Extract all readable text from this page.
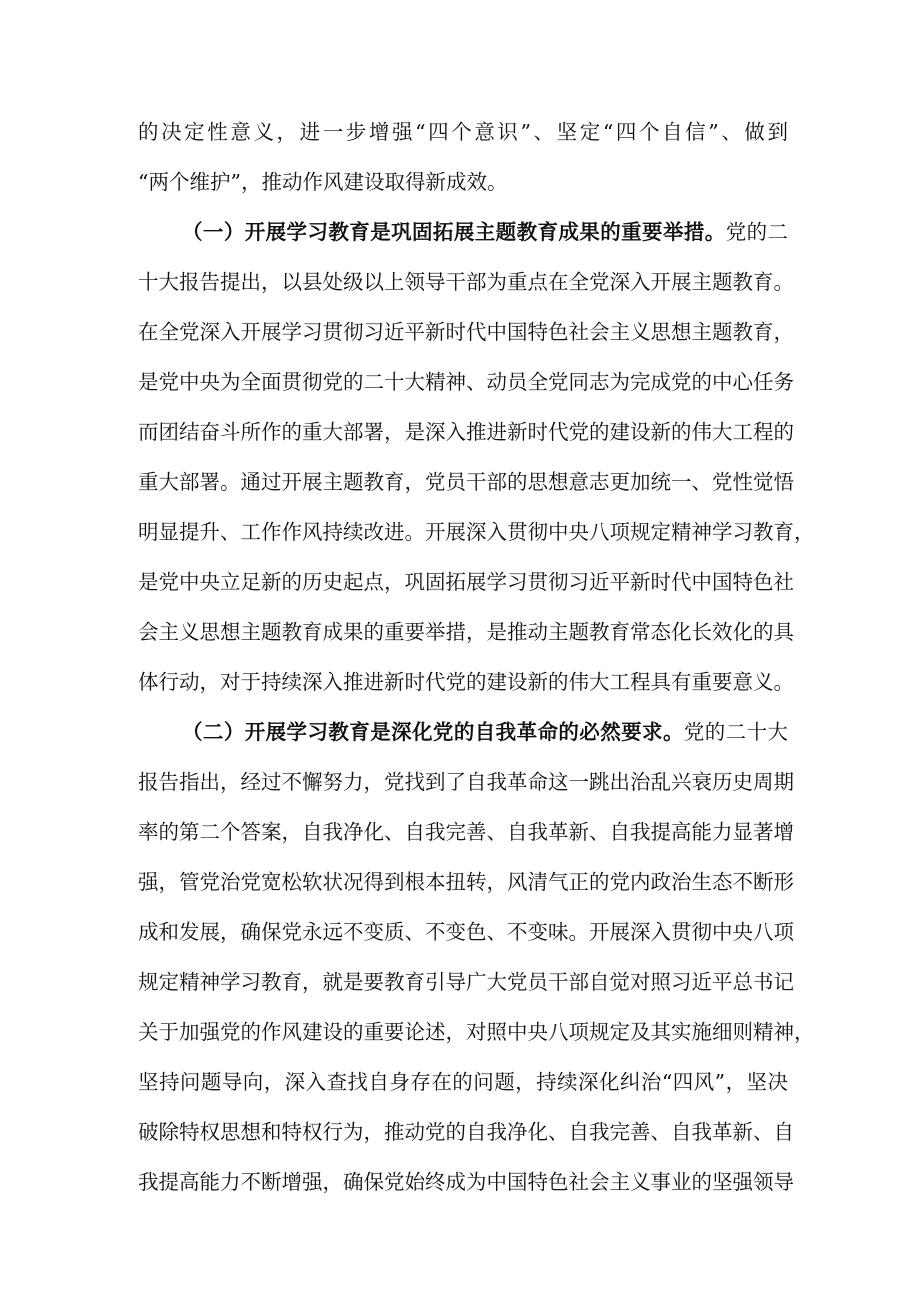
的决定性意义，进一步增强“四个意识”、坚定“四个自信”、做到
“两个维护”，推动作风建设取得新成效。
（一）开展学习教育是巩固拓展主题教育成果的重要举措。党的二
十大报告提出，以县处级以上领导干部为重点在全党深入开展主题教育。
在全党深入开展学习贯彻习近平新时代中国特色社会主义思想主题教育，
是党中央为全面贯彻党的二十大精神、动员全党同志为完成党的中心任务
而团结奋斗所作的重大部署，是深入推进新时代党的建设新的伟大工程的
重大部署。通过开展主题教育，党员干部的思想意志更加统一、党性觉悟
明显提升、工作作风持续改进。开展深入贯彻中央八项规定精神学习教育，
是党中央立足新的历史起点，巩固拓展学习贯彻习近平新时代中国特色社
会主义思想主题教育成果的重要举措，是推动主题教育常态化长效化的具
体行动，对于持续深入推进新时代党的建设新的伟大工程具有重要意义。
（二）开展学习教育是深化党的自我革命的必然要求。党的二十大
报告指出，经过不懈努力，党找到了自我革命这一跳出治乱兴衰历史周期
率的第二个答案，自我净化、自我完善、自我革新、自我提高能力显著增
强，管党治党宽松软状况得到根本扭转，风清气正的党内政治生态不断形
成和发展，确保党永远不变质、不变色、不变味。开展深入贯彻中央八项
规定精神学习教育，就是要教育引导广大党员干部自觉对照习近平总书记
关于加强党的作风建设的重要论述，对照中央八项规定及其实施细则精神，
坚持问题导向，深入查找自身存在的问题，持续深化纠治“四风”，坚决
破除特权思想和特权行为，推动党的自我净化、自我完善、自我革新、自
我提高能力不断增强，确保党始终成为中国特色社会主义事业的坚强领导
